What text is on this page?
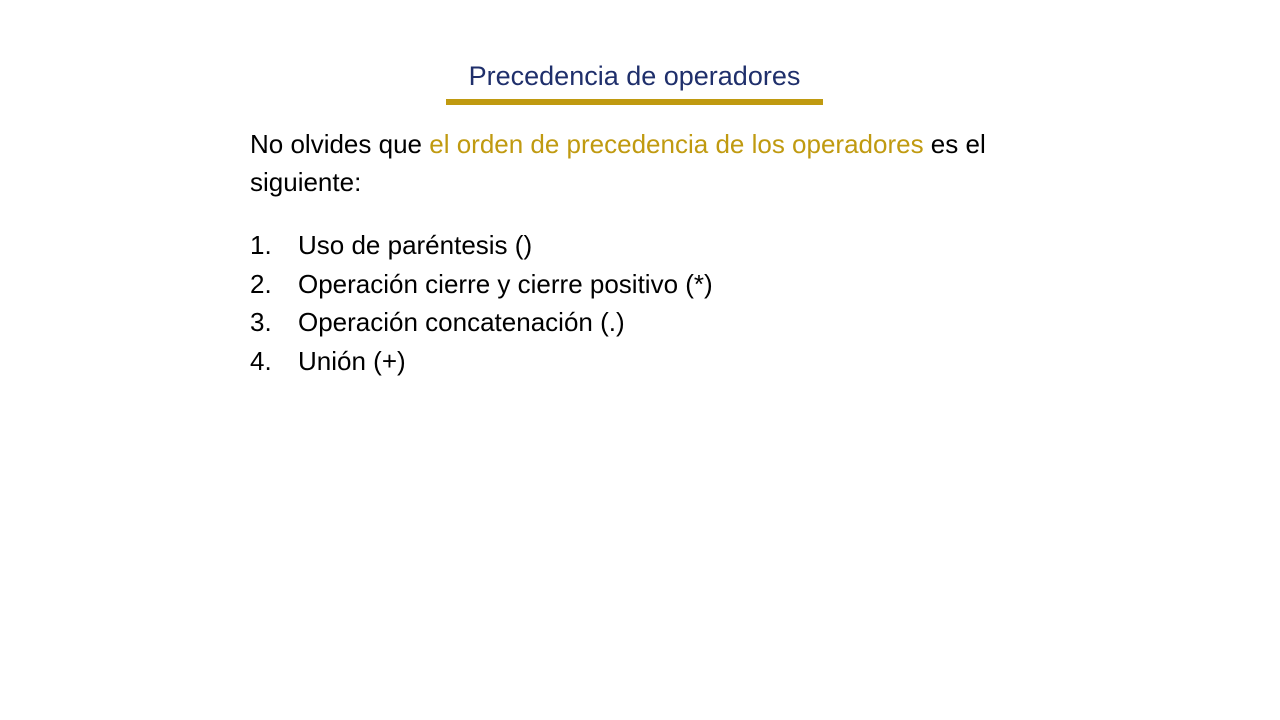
Precedencia de operadores
No olvides que el orden de precedencia de los operadores es el siguiente:
1.	Uso de paréntesis ()
2.	Operación cierre y cierre positivo (*)
3.	Operación concatenación (.)
4.	Unión (+)
